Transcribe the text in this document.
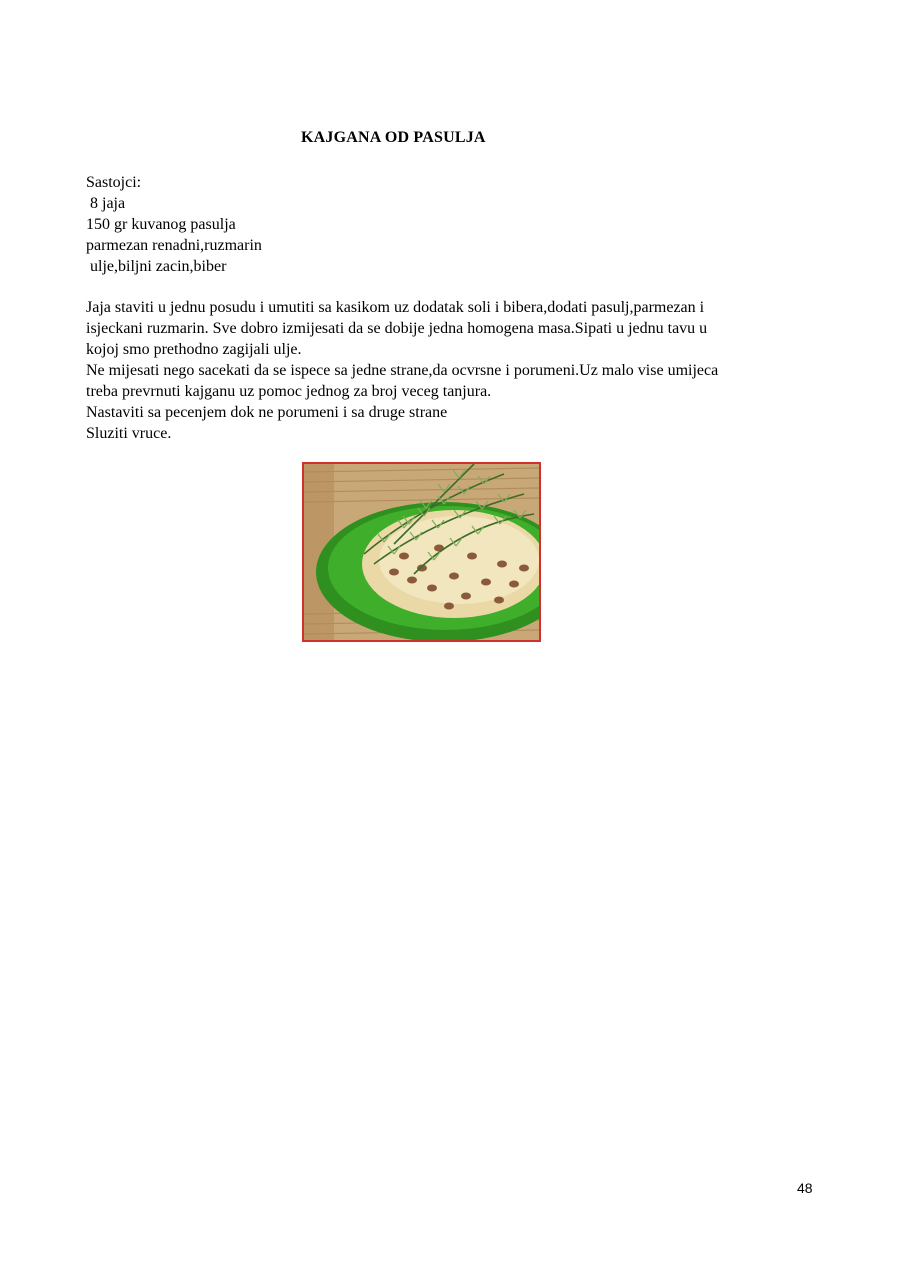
KAJGANA OD PASULJA
Sastojci:
8 jaja
150 gr kuvanog pasulja
parmezan renadni,ruzmarin
ulje,biljni zacin,biber
Jaja staviti u jednu posudu i umutiti sa kasikom uz dodatak soli i bibera,dodati pasulj,parmezan i
isjeckani ruzmarin. Sve dobro izmijesati da se dobije jedna homogena masa.Sipati u jednu tavu u
kojoj smo prethodno zagijali ulje.
Ne mijesati nego sacekati da se ispece sa jedne strane,da ocvrsne i porumeni.Uz malo vise umijeca
treba prevrnuti kajganu uz pomoc jednog za broj veceg tanjura.
Nastaviti sa pecenjem dok ne porumeni i sa druge strane
Sluziti vruce.
48
